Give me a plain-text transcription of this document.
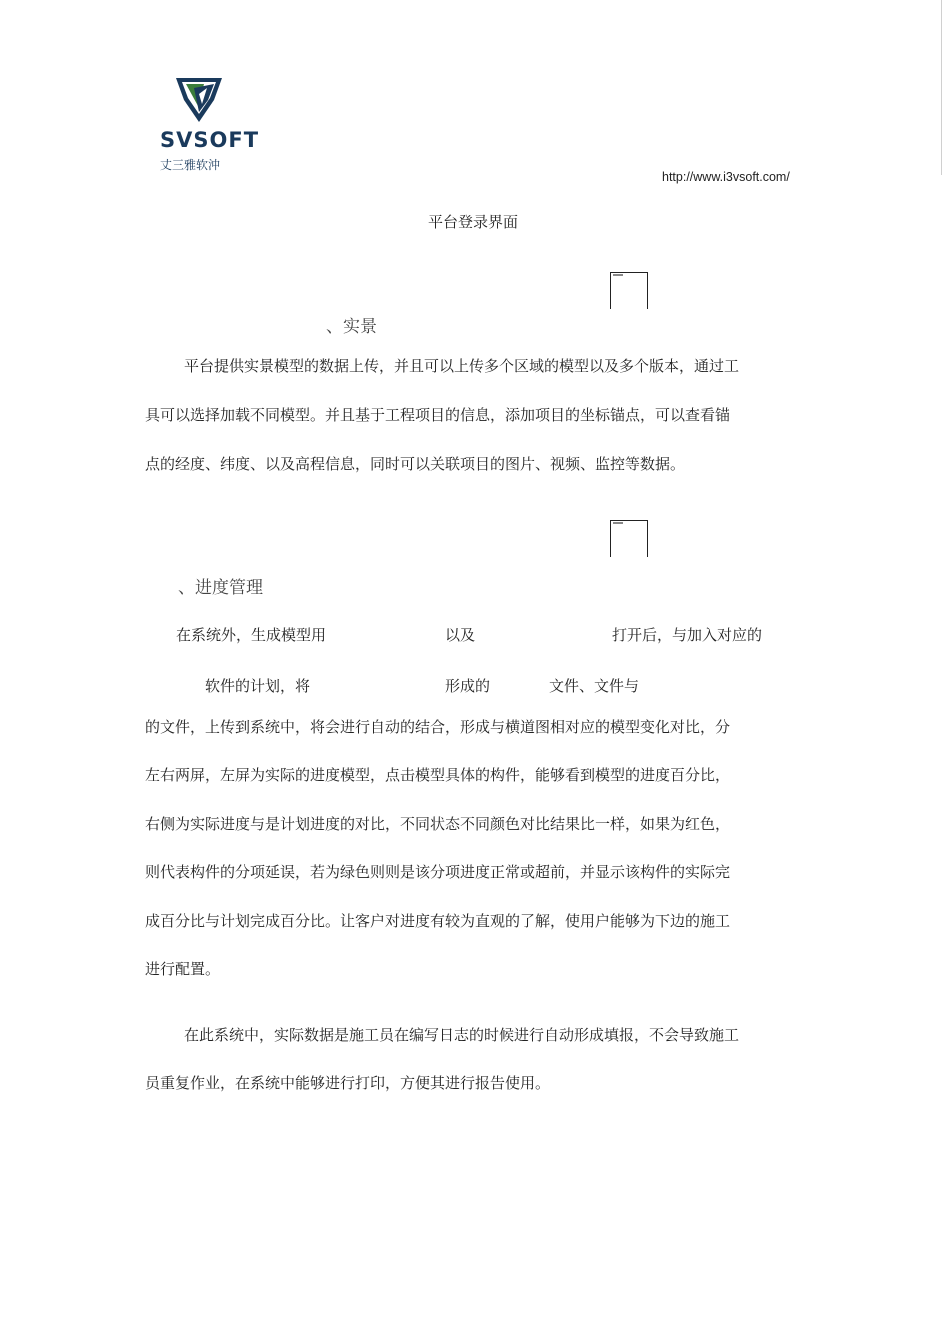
SVSOFT
丈三雅软沖
http://www.i3vsoft.com/
平台登录界面
、实景
平台提供实景模型的数据上传，并且可以上传多个区域的模型以及多个版本，通过工
具可以选择加载不同模型。并且基于工程项目的信息，添加项目的坐标锚点，可以查看锚
点的经度、纬度、以及高程信息，同时可以关联项目的图片、视频、监控等数据。
、进度管理
在系统外，生成模型用	以及	打开后，与加入对应的
软件的计划，将	形成的	文件、文件与
的文件，上传到系统中，将会进行自动的结合，形成与横道图相对应的模型变化对比，分
左右两屏，左屏为实际的进度模型，点击模型具体的构件，能够看到模型的进度百分比，
右侧为实际进度与是计划进度的对比，不同状态不同颜色对比结果比一样，如果为红色，
则代表构件的分项延误，若为绿色则则是该分项进度正常或超前，并显示该构件的实际完
成百分比与计划完成百分比。让客户对进度有较为直观的了解，使用户能够为下边的施工
进行配置。
在此系统中，实际数据是施工员在编写日志的时候进行自动形成填报，不会导致施工
员重复作业，在系统中能够进行打印，方便其进行报告使用。
